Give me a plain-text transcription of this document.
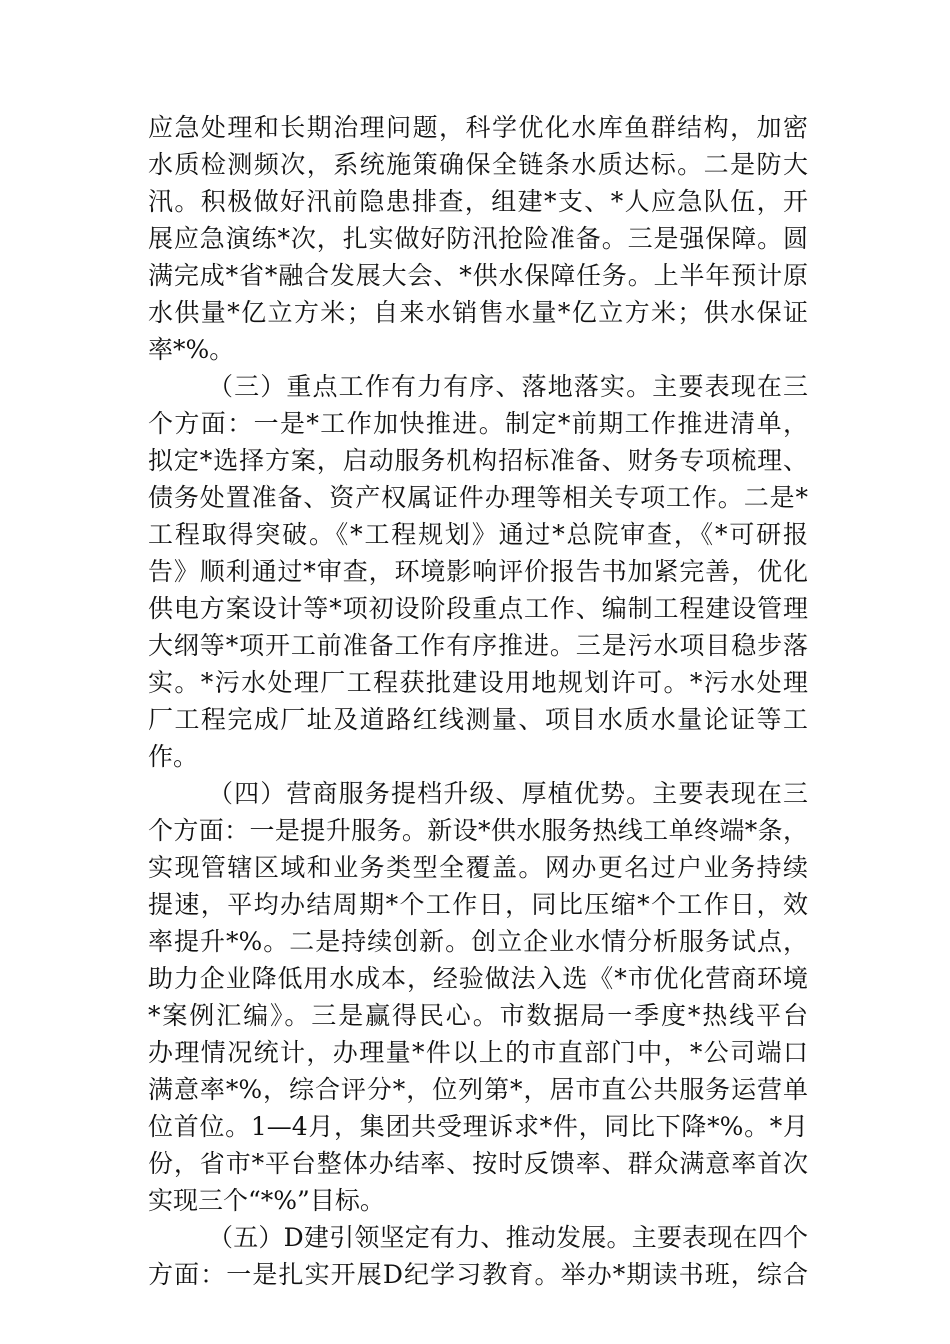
应急处理和长期治理问题，科学优化水库鱼群结构，加密
水质检测频次，系统施策确保全链条水质达标。二是防大
汛。积极做好汛前隐患排查，组建*支、*人应急队伍，开
展应急演练*次，扎实做好防汛抢险准备。三是强保障。圆
满完成*省*融合发展大会、*供水保障任务。上半年预计原
水供量*亿立方米；自来水销售水量*亿立方米；供水保证
率*%。
（三）重点工作有力有序、落地落实。主要表现在三
个方面：一是*工作加快推进。制定*前期工作推进清单，
拟定*选择方案，启动服务机构招标准备、财务专项梳理、
债务处置准备、资产权属证件办理等相关专项工作。二是*
工程取得突破。《*工程规划》通过*总院审查，《*可研报
告》顺利通过*审查，环境影响评价报告书加紧完善，优化
供电方案设计等*项初设阶段重点工作、编制工程建设管理
大纲等*项开工前准备工作有序推进。三是污水项目稳步落
实。*污水处理厂工程获批建设用地规划许可。*污水处理
厂工程完成厂址及道路红线测量、项目水质水量论证等工
作。
（四）营商服务提档升级、厚植优势。主要表现在三
个方面：一是提升服务。新设*供水服务热线工单终端*条，
实现管辖区域和业务类型全覆盖。网办更名过户业务持续
提速，平均办结周期*个工作日，同比压缩*个工作日，效
率提升*%。二是持续创新。创立企业水情分析服务试点，
助力企业降低用水成本，经验做法入选《*市优化营商环境
*案例汇编》。三是赢得民心。市数据局一季度*热线平台
办理情况统计，办理量*件以上的市直部门中，*公司端口
满意率*%，综合评分*，位列第*，居市直公共服务运营单
位首位。1—4月，集团共受理诉求*件，同比下降*%。*月
份，省市*平台整体办结率、按时反馈率、群众满意率首次
实现三个“*%”目标。
（五）D建引领坚定有力、推动发展。主要表现在四个
方面：一是扎实开展D纪学习教育。举办*期读书班，综合
